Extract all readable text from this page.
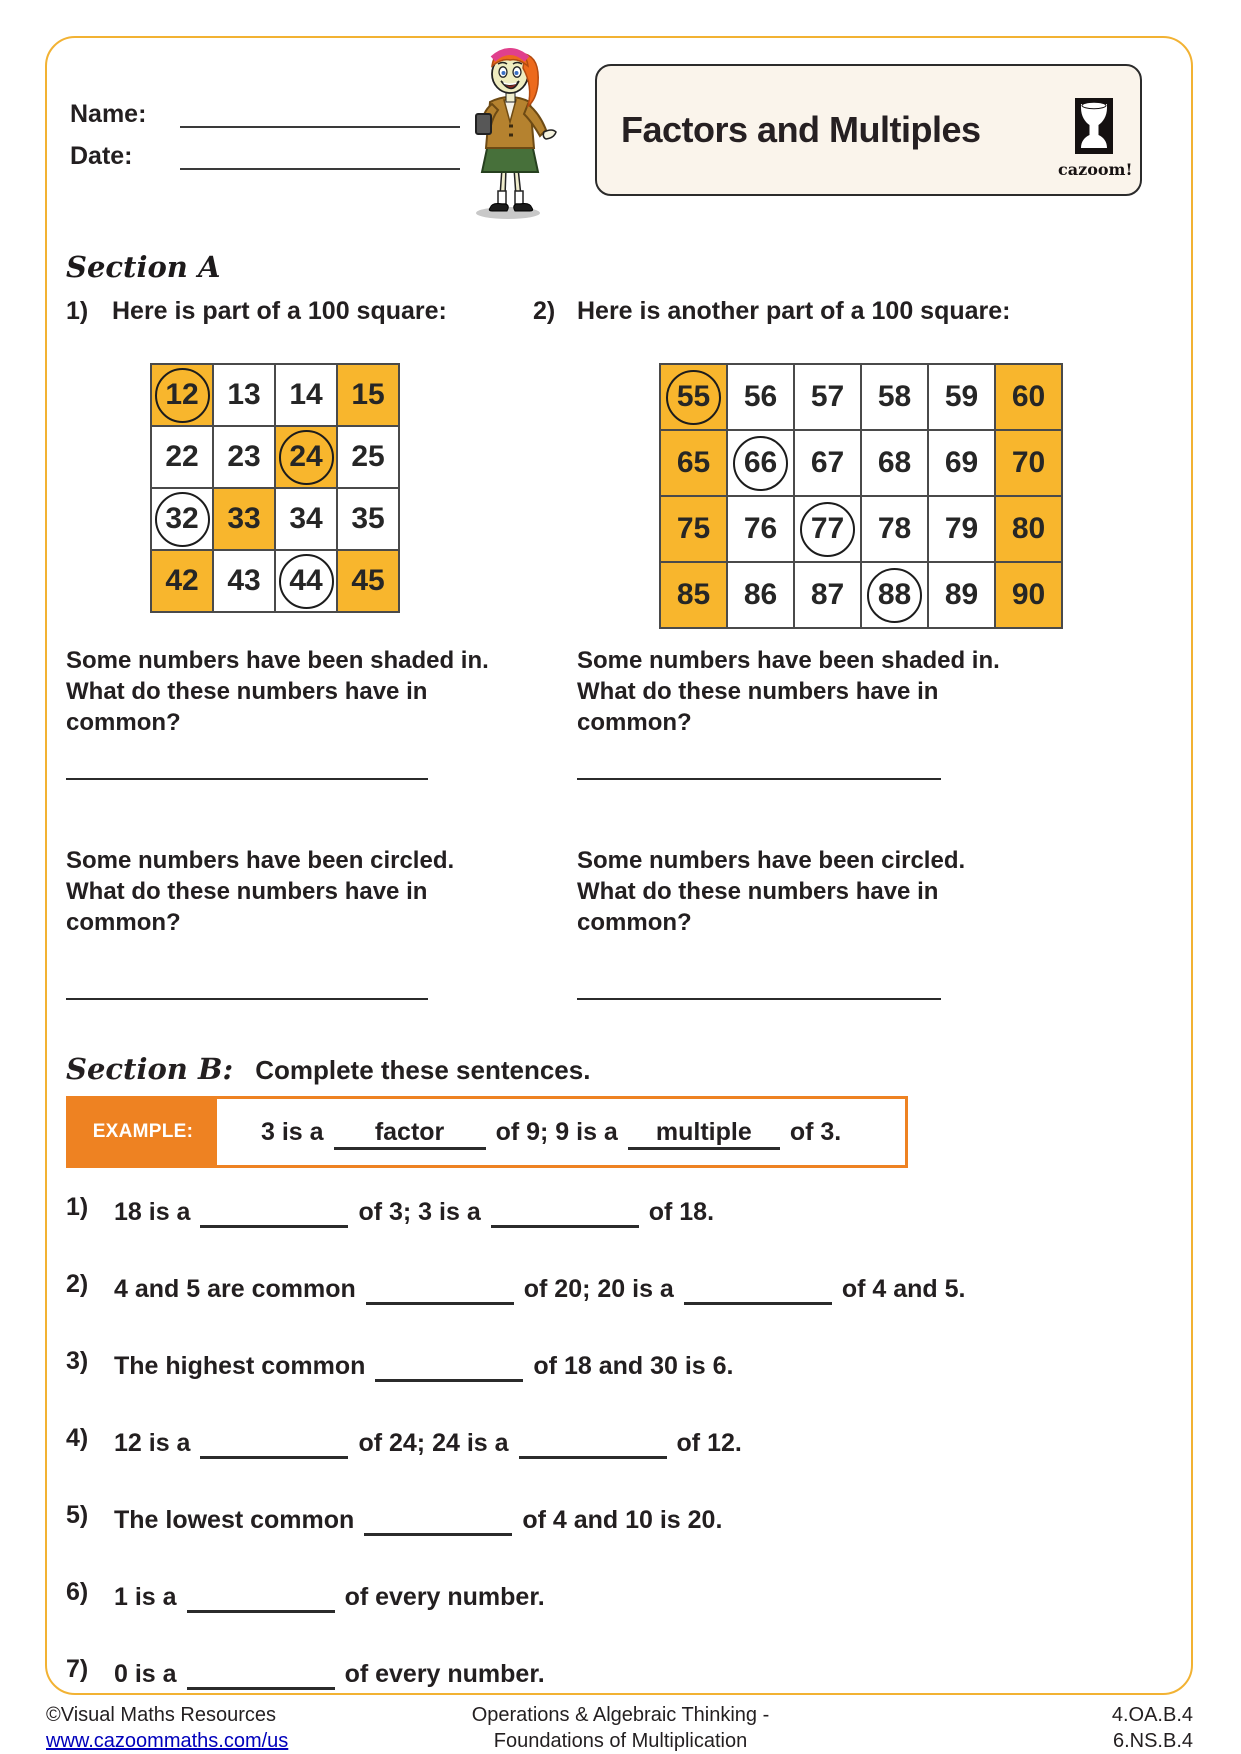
Name:
Date:
Factors and Multiples
cazoom!
Section A
1) Here is part of a 100 square:	2) Here is another part of a 100 square:
12 13 14 15
22 23 24 25
32 33 34 35
42 43 44 45
55 56 57 58 59 60
65 66 67 68 69 70
75 76 77 78 79 80
85 86 87 88 89 90
Some numbers have been shaded in. What do these numbers have in common?
Some numbers have been shaded in. What do these numbers have in common?
Some numbers have been circled. What do these numbers have in common?
Some numbers have been circled. What do these numbers have in common?
Section B: Complete these sentences.
EXAMPLE:	3 is a	factor	of 9; 9 is a	multiple	of 3.
1)	18 is a	of 3; 3 is a	of 18.
2)	4 and 5 are common	of 20; 20 is a	of 4 and 5.
3)	The highest common	of 18 and 30 is 6.
4)	12 is a	of 24; 24 is a	of 12.
5)	The lowest common	of 4 and 10 is 20.
6)	1 is a	of every number.
7)	0 is a	of every number.
©Visual Maths Resources
www.cazoommaths.com/us
Operations & Algebraic Thinking -
Foundations of Multiplication
4.OA.B.4
6.NS.B.4
